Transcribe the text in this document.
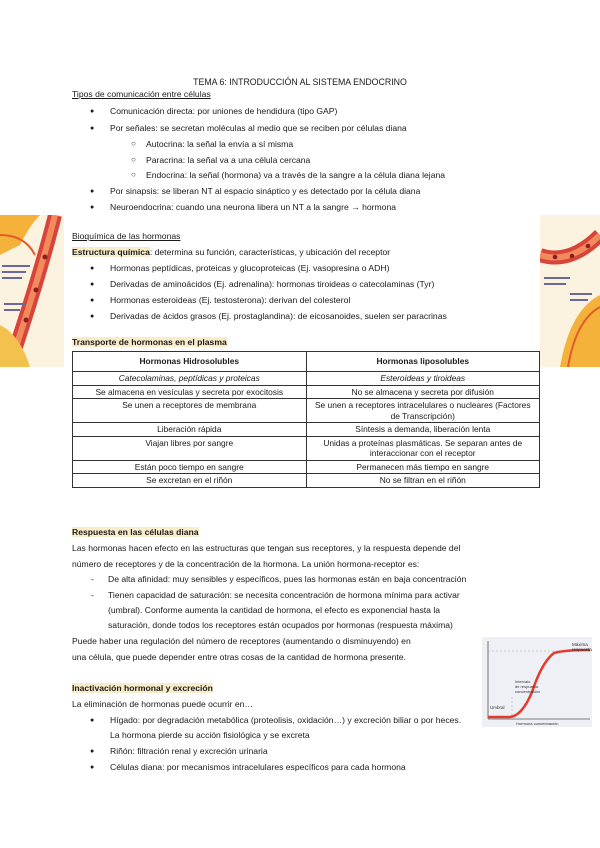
TEMA 6: INTRODUCCIÓN AL SISTEMA ENDOCRINO
Tipos de comunicación entre células
● Comunicación directa: por uniones de hendidura (tipo GAP)
● Por señales: se secretan moléculas al medio que se reciben por células diana
○ Autocrina: la señal la envía a sí misma
○ Paracrina: la señal va a una célula cercana
○ Endocrina: la señal (hormona) va a través de la sangre a la célula diana lejana
● Por sinapsis: se liberan NT al espacio sináptico y es detectado por la célula diana
● Neuroendocrina: cuando una neurona libera un NT a la sangre → hormona
Bioquímica de las hormonas
Estructura química: determina su función, características, y ubicación del receptor
● Hormonas peptídicas, proteicas y glucoproteicas (Ej. vasopresina o ADH)
● Derivadas de aminoácidos (Ej. adrenalina): hormonas tiroideas o catecolaminas (Tyr)
● Hormonas esteroideas (Ej. testosterona): derivan del colesterol
● Derivadas de ácidos grasos (Ej. prostaglandina): de eicosanoides, suelen ser paracrinas
Transporte de hormonas en el plasma
Hormonas Hidrosolubles	Hormonas liposolubles
Catecolaminas, peptídicas y proteicas	Esteroideas y tiroideas
Se almacena en vesículas y secreta por exocitosis	No se almacena y secreta por difusión
Se unen a receptores de membrana	Se unen a receptores intracelulares o nucleares (Factores de Transcripción)
Liberación rápida	Síntesis a demanda, liberación lenta
Viajan libres por sangre	Unidas a proteínas plasmáticas. Se separan antes de interaccionar con el receptor
Están poco tiempo en sangre	Permanecen más tiempo en sangre
Se excretan en el riñón	No se filtran en el riñón
Respuesta en las células diana
Las hormonas hacen efecto en las estructuras que tengan sus receptores, y la respuesta depende del
número de receptores y de la concentración de la hormona. La unión hormona-receptor es:
- De alta afinidad: muy sensibles y específicos, pues las hormonas están en baja concentración
- Tienen capacidad de saturación: se necesita concentración de hormona mínima para activar
(umbral). Conforme aumenta la cantidad de hormona, el efecto es exponencial hasta la
saturación, donde todos los receptores están ocupados por hormonas (respuesta máxima)
Puede haber una regulación del número de receptores (aumentando o disminuyendo) en
una célula, que puede depender entre otras cosas de la cantidad de hormona presente.
Máxima
respuesta
Intervalo
de respuesta
concentración
Umbral
Hormona concentración
Inactivación hormonal y excreción
La eliminación de hormonas puede ocurrir en…
● Hígado: por degradación metabólica (proteolisis, oxidación…) y excreción biliar o por heces.
La hormona pierde su acción fisiológica y se excreta
● Riñón: filtración renal y excreción urinaria
● Células diana: por mecanismos intracelulares específicos para cada hormona
